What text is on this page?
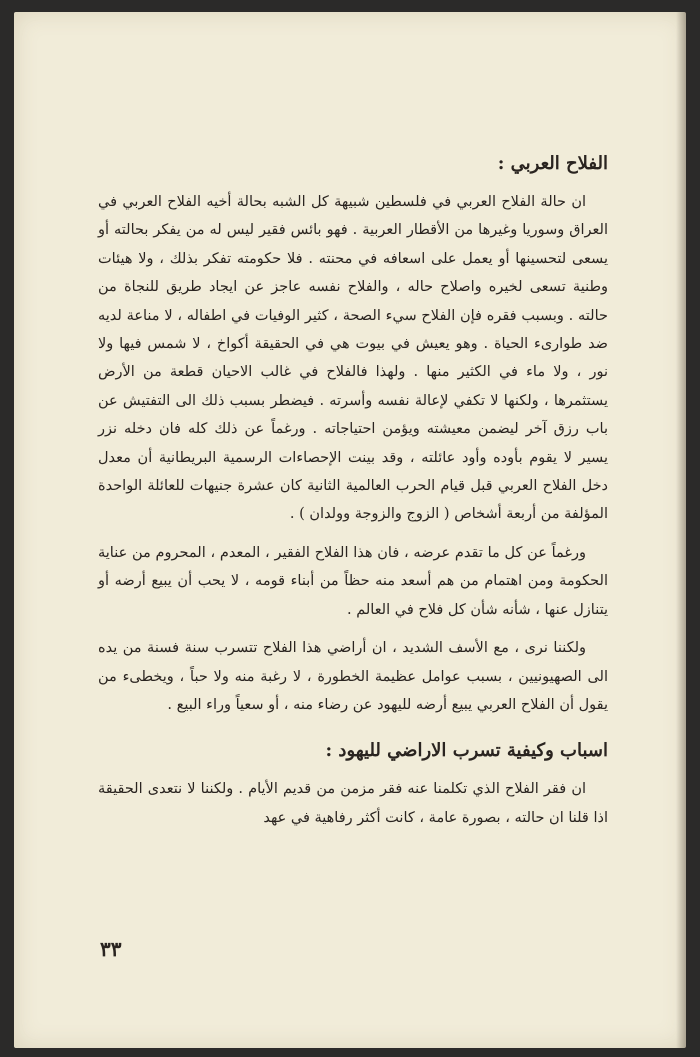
الفلاح العربي :

ان حالة الفلاح العربي في فلسطين شبيهة كل الشبه بحالة أخيه الفلاح العربي في العراق وسوريا وغيرها من الأقطار العربية . فهو بائس فقير ليس له من يفكر بحالته أو يسعى لتحسينها أو يعمل على اسعافه في محنته . فلا حكومته تفكر بذلك ، ولا هيئات وطنية تسعى لخيره واصلاح حاله ، والفلاح نفسه عاجز عن ايجاد طريق للنجاة من حالته . وبسبب فقره فإن الفلاح سيء الصحة ، كثير الوفيات في اطفاله ، لا مناعة لديه ضد طوارىء الحياة . وهو يعيش في بيوت هي في الحقيقة أكواخ ، لا شمس فيها ولا نور ، ولا ماء في الكثير منها . ولهذا فالفلاح في غالب الاحيان قطعة من الأرض يستثمرها ، ولكنها لا تكفي لإعالة نفسه وأسرته . فيضطر بسبب ذلك الى التفتيش عن باب رزق آخر ليضمن معيشته ويؤمن احتياجاته . ورغماً عن ذلك كله فان دخله نزر يسير لا يقوم بأوده وأود عائلته ، وقد بينت الإحصاءات الرسمية البريطانية أن معدل دخل الفلاح العربي قبل قيام الحرب العالمية الثانية كان عشرة جنيهات للعائلة الواحدة المؤلفة من أربعة أشخاص ( الزوج والزوجة وولدان ) .

ورغماً عن كل ما تقدم عرضه ، فان هذا الفلاح الفقير ، المعدم ، المحروم من عناية الحكومة ومن اهتمام من هم أسعد منه حظاً من أبناء قومه ، لا يحب أن يبيع أرضه أو يتنازل عنها ، شأنه شأن كل فلاح في العالم .

ولكننا نرى ، مع الأسف الشديد ، ان أراضي هذا الفلاح تتسرب سنة فسنة من يده الى الصهيونيين ، بسبب عوامل عظيمة الخطورة ، لا رغبة منه ولا حباً ، ويخطىء من يقول أن الفلاح العربي يبيع أرضه لليهود عن رضاء منه ، أو سعياً وراء البيع .

اسباب وكيفية تسرب الاراضي لليهود :

ان فقر الفلاح الذي تكلمنا عنه فقر مزمن من قديم الأيام . ولكننا لا نتعدى الحقيقة اذا قلنا ان حالته ، بصورة عامة ، كانت أكثر رفاهية في عهد

٣٣
